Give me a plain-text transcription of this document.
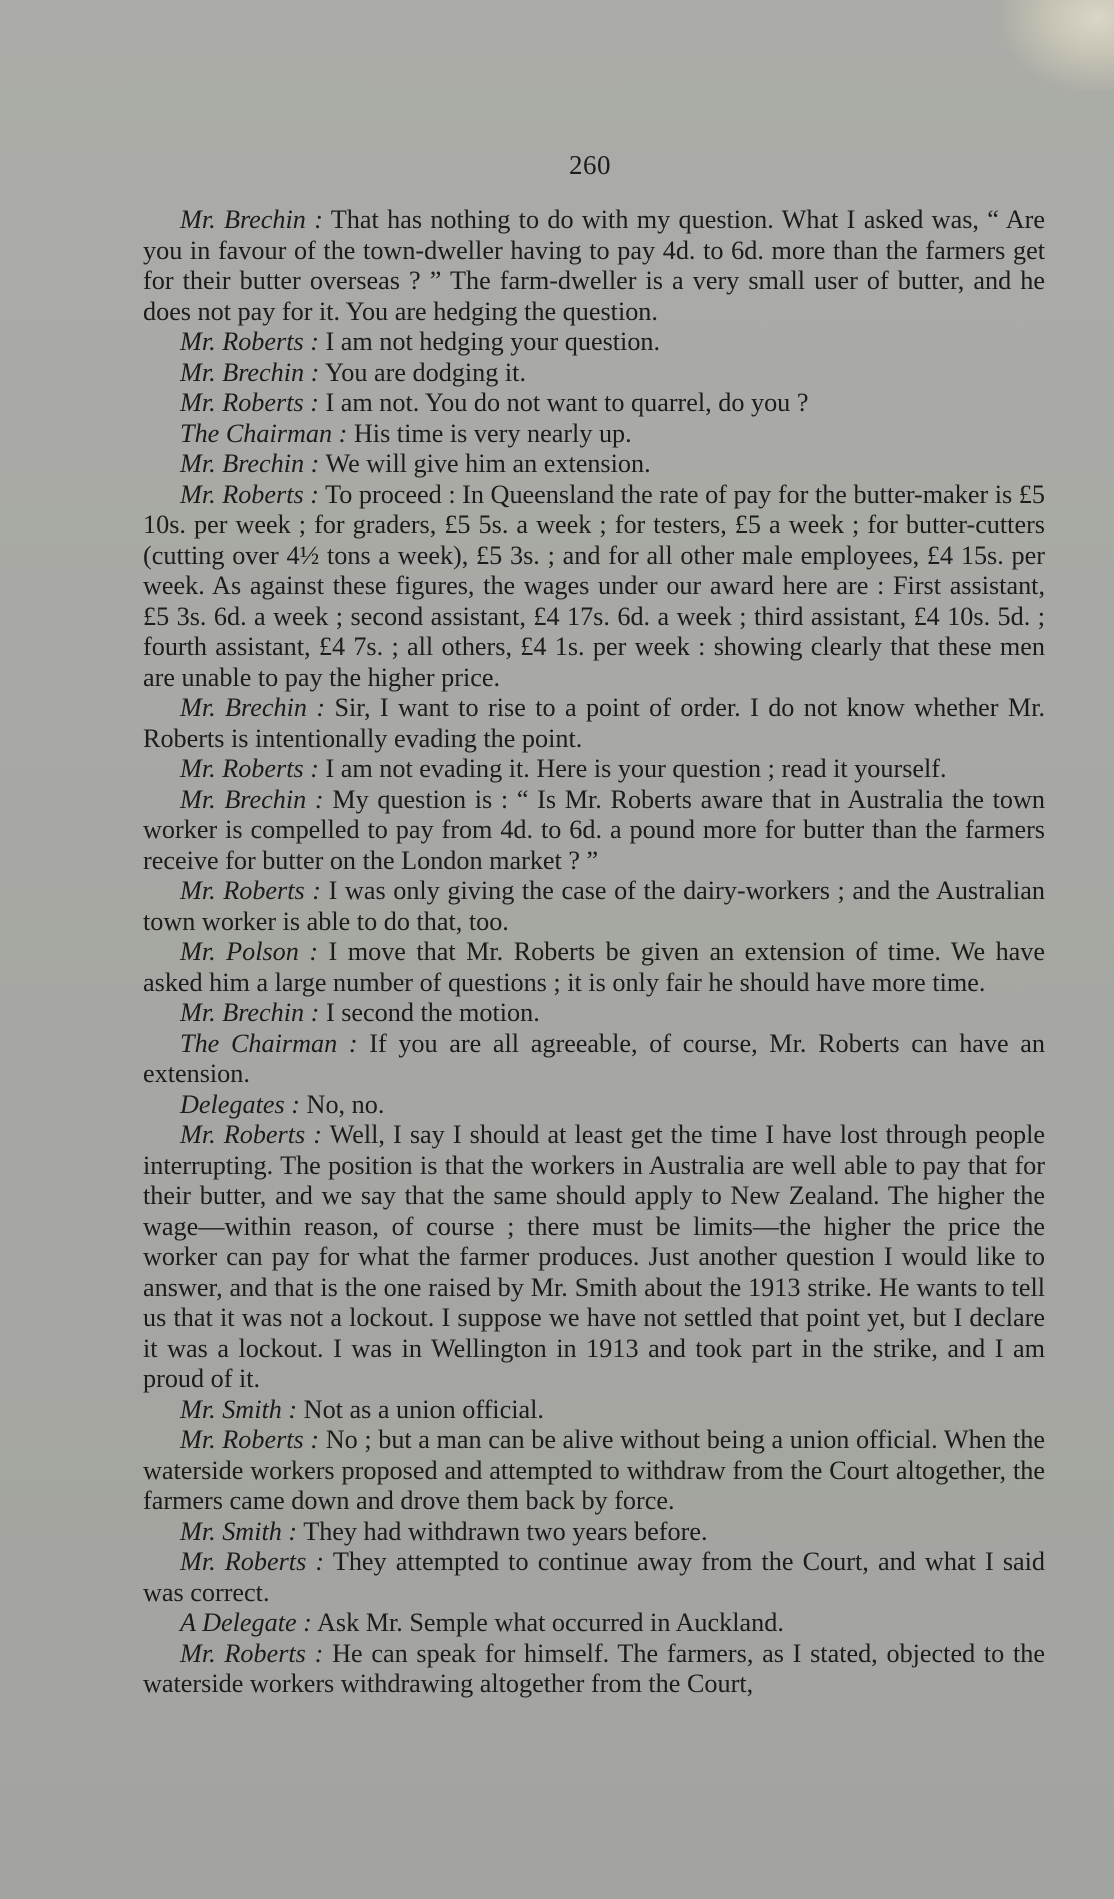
260

Mr. Brechin : That has nothing to do with my question. What I asked was, “ Are you in favour of the town-dweller having to pay 4d. to 6d. more than the farmers get for their butter overseas ? ” The farm-dweller is a very small user of butter, and he does not pay for it. You are hedging the question.

Mr. Roberts : I am not hedging your question.

Mr. Brechin : You are dodging it.

Mr. Roberts : I am not. You do not want to quarrel, do you ?

The Chairman : His time is very nearly up.

Mr. Brechin : We will give him an extension.

Mr. Roberts : To proceed : In Queensland the rate of pay for the butter-maker is £5 10s. per week ; for graders, £5 5s. a week ; for testers, £5 a week ; for butter-cutters (cutting over 4½ tons a week), £5 3s. ; and for all other male employees, £4 15s. per week. As against these figures, the wages under our award here are : First assistant, £5 3s. 6d. a week ; second assistant, £4 17s. 6d. a week ; third assistant, £4 10s. 5d. ; fourth assistant, £4 7s. ; all others, £4 1s. per week : showing clearly that these men are unable to pay the higher price.

Mr. Brechin : Sir, I want to rise to a point of order. I do not know whether Mr. Roberts is intentionally evading the point.

Mr. Roberts : I am not evading it. Here is your question ; read it yourself.

Mr. Brechin : My question is : “ Is Mr. Roberts aware that in Australia the town worker is compelled to pay from 4d. to 6d. a pound more for butter than the farmers receive for butter on the London market ? ”

Mr. Roberts : I was only giving the case of the dairy-workers ; and the Australian town worker is able to do that, too.

Mr. Polson : I move that Mr. Roberts be given an extension of time. We have asked him a large number of questions ; it is only fair he should have more time.

Mr. Brechin : I second the motion.

The Chairman : If you are all agreeable, of course, Mr. Roberts can have an extension.

Delegates : No, no.

Mr. Roberts : Well, I say I should at least get the time I have lost through people interrupting. The position is that the workers in Australia are well able to pay that for their butter, and we say that the same should apply to New Zealand. The higher the wage—within reason, of course ; there must be limits—the higher the price the worker can pay for what the farmer produces. Just another question I would like to answer, and that is the one raised by Mr. Smith about the 1913 strike. He wants to tell us that it was not a lockout. I suppose we have not settled that point yet, but I declare it was a lockout. I was in Wellington in 1913 and took part in the strike, and I am proud of it.

Mr. Smith : Not as a union official.

Mr. Roberts : No ; but a man can be alive without being a union official. When the waterside workers proposed and attempted to withdraw from the Court altogether, the farmers came down and drove them back by force.

Mr. Smith : They had withdrawn two years before.

Mr. Roberts : They attempted to continue away from the Court, and what I said was correct.

A Delegate : Ask Mr. Semple what occurred in Auckland.

Mr. Roberts : He can speak for himself. The farmers, as I stated, objected to the waterside workers withdrawing altogether from the Court,
